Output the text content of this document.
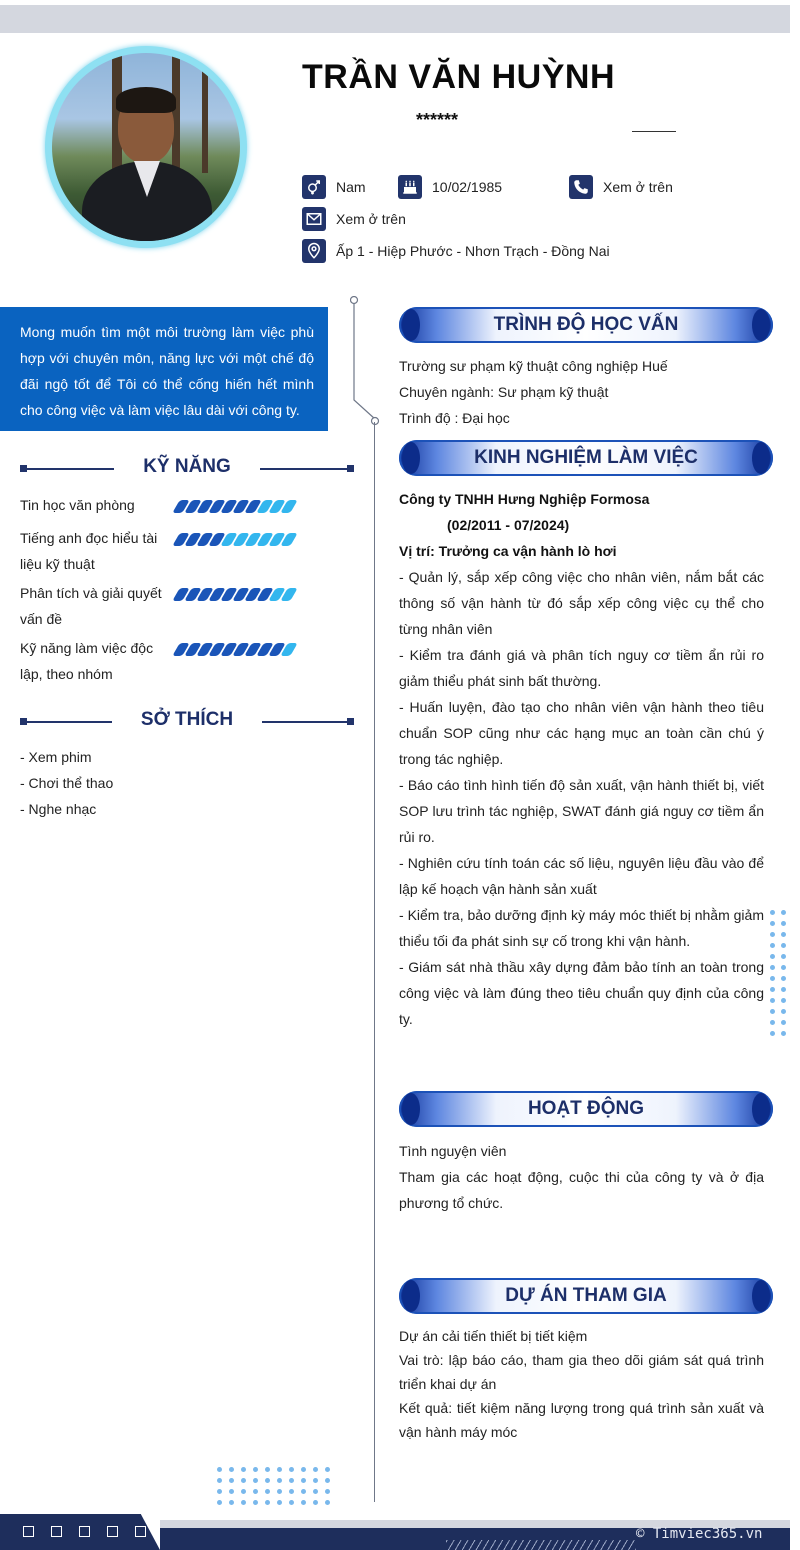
TRẦN VĂN HUỲNH
******
Nam	10/02/1985	Xem ở trên
Xem ở trên
Ấp 1 - Hiệp Phước - Nhơn Trạch - Đồng Nai
Mong muốn tìm một môi trường làm việc phù hợp với chuyên môn, năng lực với một chế độ đãi ngộ tốt để Tôi có thể cống hiến hết mình cho công việc và làm việc lâu dài với công ty.
KỸ NĂNG
Tin học văn phòng
Tiếng anh đọc hiểu tài liệu kỹ thuật
Phân tích và giải quyết vấn đề
Kỹ năng làm việc độc lập, theo nhóm
SỞ THÍCH
- Xem phim
- Chơi thể thao
- Nghe nhạc
TRÌNH ĐỘ HỌC VẤN

Trường sư phạm kỹ thuật công nghiệp Huế

Chuyên ngành: Sư phạm kỹ thuật

Trình độ : Đại học

KINH NGHIỆM LÀM VIỆC

Công ty TNHH Hưng Nghiệp Formosa

(02/2011 - 07/2024)

Vị trí: Trưởng ca vận hành lò hơi

- Quản lý, sắp xếp công việc cho nhân viên, nắm bắt các thông số vận hành từ đó sắp xếp công việc cụ thể cho từng nhân viên

- Kiểm tra đánh giá và phân tích nguy cơ tiềm ẩn rủi ro giảm thiểu phát sinh bất thường.

- Huấn luyện, đào tạo cho nhân viên vận hành theo tiêu chuẩn SOP cũng như các hạng mục an toàn cần chú ý trong tác nghiệp.

- Báo cáo tình hình tiến độ sản xuất, vận hành thiết bị, viết SOP lưu trình tác nghiệp, SWAT đánh giá nguy cơ tiềm ẩn rủi ro.

- Nghiên cứu tính toán các số liệu, nguyên liệu đầu vào để lập kế hoạch vận hành sản xuất

- Kiểm tra, bảo dưỡng định kỳ máy móc thiết bị nhằm giảm thiểu tối đa phát sinh sự cố trong khi vận hành.

- Giám sát nhà thầu xây dựng đảm bảo tính an toàn trong công việc và làm đúng theo tiêu chuẩn quy định của công ty.

HOẠT ĐỘNG

Tình nguyện viên

Tham gia các hoạt động, cuộc thi của công ty và ở địa phương tổ chức.

DỰ ÁN THAM GIA

Dự án cải tiến thiết bị tiết kiệm

Vai trò: lập báo cáo, tham gia theo dõi giám sát quá trình triển khai dự án

Kết quả: tiết kiệm năng lượng trong quá trình sản xuất và vận hành máy móc

© Timviec365.vn
